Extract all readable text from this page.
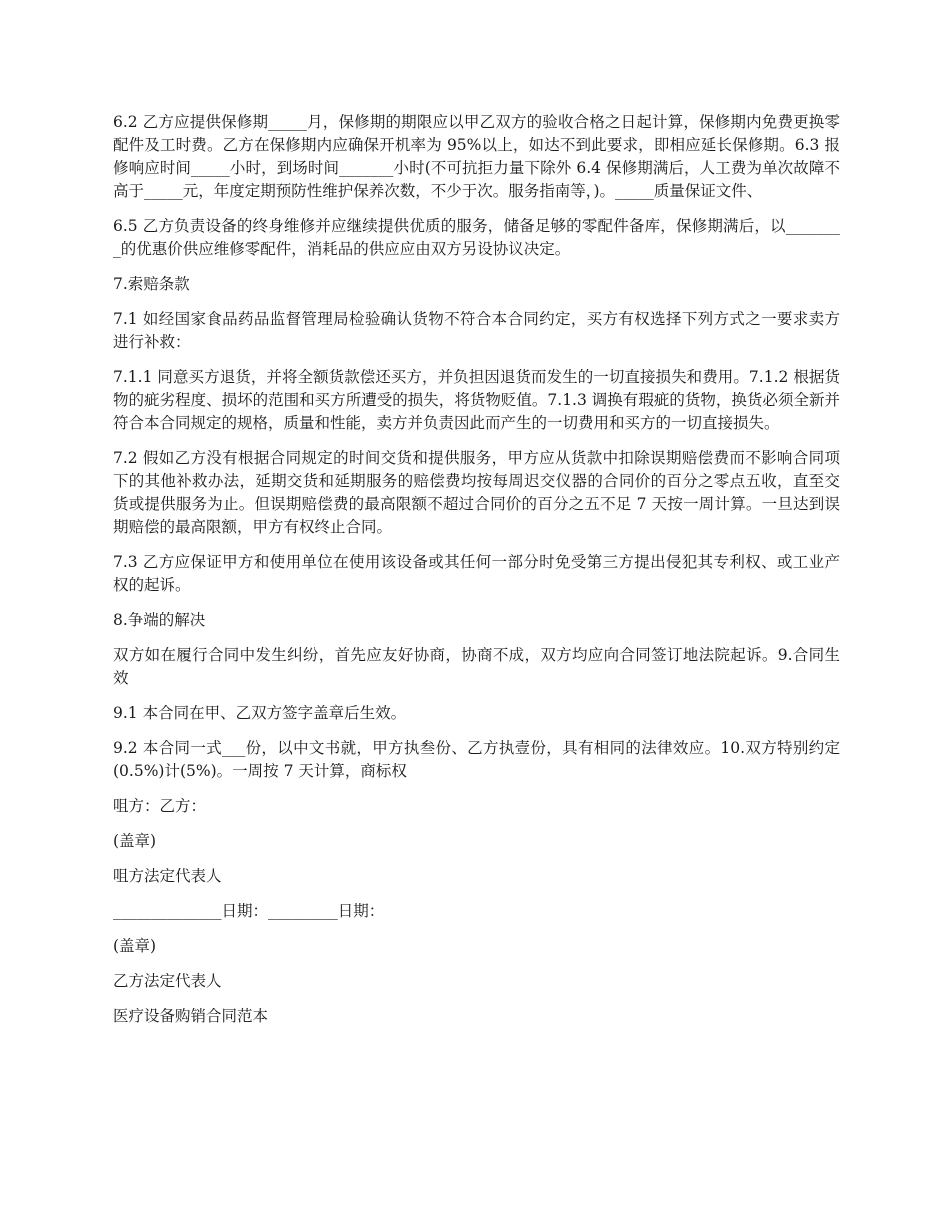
6.2 乙方应提供保修期_____月，保修期的期限应以甲乙双方的验收合格之日起计算，保修期内免费更换零配件及工时费。乙方在保修期内应确保开机率为 95%以上，如达不到此要求，即相应延长保修期。6.3 报修响应时间_____小时，到场时间_______小时(不可抗拒力量下除外 6.4 保修期满后，人工费为单次故障不高于_____元，年度定期预防性维护保养次数，不少于次。服务指南等，)。_____质量保证文件、

6.5 乙方负责设备的终身维修并应继续提供优质的服务，储备足够的零配件备库，保修期满后，以________的优惠价供应维修零配件，消耗品的供应应由双方另设协议决定。

7.索赔条款

7.1 如经国家食品药品监督管理局检验确认货物不符合本合同约定，买方有权选择下列方式之一要求卖方进行补救：

7.1.1 同意买方退货，并将全额货款偿还买方，并负担因退货而发生的一切直接损失和费用。7.1.2 根据货物的疵劣程度、损坏的范围和买方所遭受的损失，将货物贬值。7.1.3 调换有瑕疵的货物，换货必须全新并符合本合同规定的规格，质量和性能，卖方并负责因此而产生的一切费用和买方的一切直接损失。

7.2 假如乙方没有根据合同规定的时间交货和提供服务，甲方应从货款中扣除误期赔偿费而不影响合同项下的其他补救办法，延期交货和延期服务的赔偿费均按每周迟交仪器的合同价的百分之零点五收，直至交货或提供服务为止。但误期赔偿费的最高限额不超过合同价的百分之五不足 7 天按一周计算。一旦达到误期赔偿的最高限额，甲方有权终止合同。

7.3 乙方应保证甲方和使用单位在使用该设备或其任何一部分时免受第三方提出侵犯其专利权、或工业产权的起诉。

8.争端的解决

双方如在履行合同中发生纠纷，首先应友好协商，协商不成，双方均应向合同签订地法院起诉。9.合同生效

9.1 本合同在甲、乙双方签字盖章后生效。

9.2 本合同一式___份，以中文书就，甲方执叁份、乙方执壹份，具有相同的法律效应。10.双方特别约定(0.5%)计(5%)。一周按 7 天计算，商标权

咀方：乙方：

(盖章)

咀方法定代表人

______________日期：_________日期：

(盖章)

乙方法定代表人

医疗设备购销合同范本
